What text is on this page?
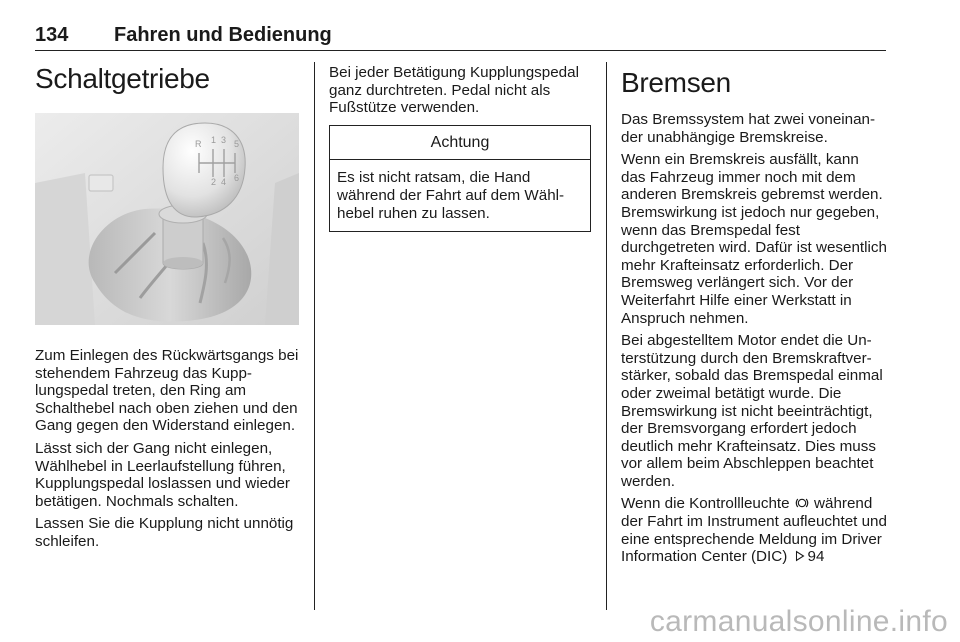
134 Fahren und Bedienung
Schaltgetriebe
R 1 3 5
2 4 6

Zum Einlegen des Rückwärtsgangs bei stehendem Fahrzeug das Kupplungspedal treten, den Ring am Schalthebel nach oben ziehen und den Gang gegen den Widerstand einlegen.

Lässt sich der Gang nicht einlegen, Wählhebel in Leerlaufstellung führen, Kupplungspedal loslassen und wieder betätigen. Nochmals schalten.

Lassen Sie die Kupplung nicht unnötig schleifen.

Bei jeder Betätigung Kupplungspedal ganz durchtreten. Pedal nicht als Fußstütze verwenden.

Achtung
Es ist nicht ratsam, die Hand während der Fahrt auf dem Wählhebel ruhen zu lassen.
Bremsen

Das Bremssystem hat zwei voneinander unabhängige Bremskreise.

Wenn ein Bremskreis ausfällt, kann das Fahrzeug immer noch mit dem anderen Bremskreis gebremst werden. Bremswirkung ist jedoch nur gegeben, wenn das Bremspedal fest durchgetreten wird. Dafür ist wesentlich mehr Krafteinsatz erforderlich. Der Bremsweg verlängert sich. Vor der Weiterfahrt Hilfe einer Werkstatt in Anspruch nehmen.

Bei abgestelltem Motor endet die Unterstützung durch den Bremskraftverstärker, sobald das Bremspedal einmal oder zweimal betätigt wurde. Die Bremswirkung ist nicht beeinträchtigt, der Bremsvorgang erfordert jedoch deutlich mehr Krafteinsatz. Dies muss vor allem beim Abschleppen beachtet werden.

Wenn die Kontrollleuchte während der Fahrt im Instrument aufleuchtet und eine entsprechende Meldung im Driver Information Center (DIC) 94

carmanualsonline.info
